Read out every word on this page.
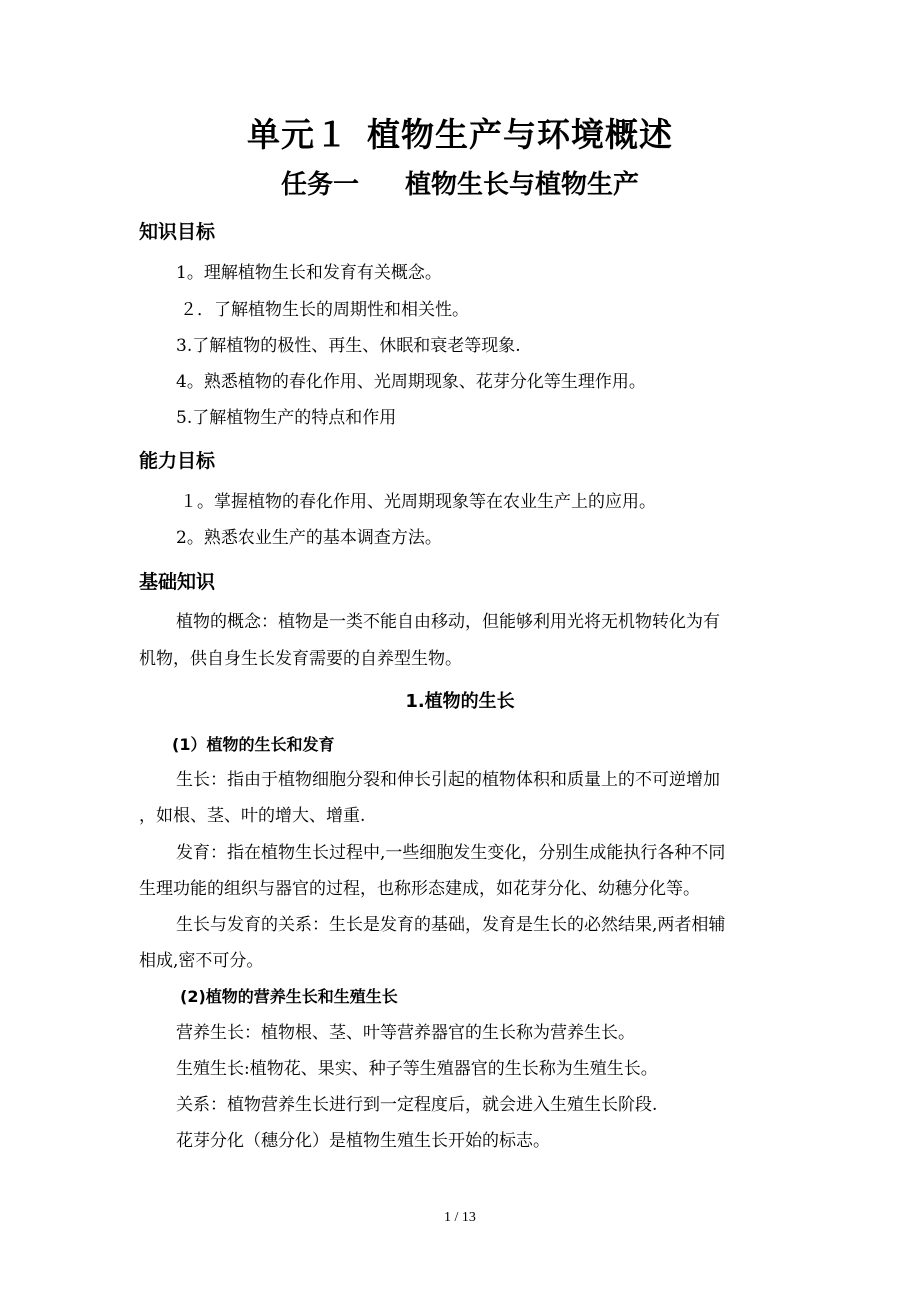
单元１ 植物生产与环境概述
任务一 植物生长与植物生产
知识目标
1。理解植物生长和发育有关概念。
２．了解植物生长的周期性和相关性。
3.了解植物的极性、再生、休眠和衰老等现象.
4。熟悉植物的春化作用、光周期现象、花芽分化等生理作用。
5.了解植物生产的特点和作用
能力目标
１。掌握植物的春化作用、光周期现象等在农业生产上的应用。
2。熟悉农业生产的基本调查方法。
基础知识
植物的概念：植物是一类不能自由移动，但能够利用光将无机物转化为有
机物，供自身生长发育需要的自养型生物。
1.植物的生长
(1）植物的生长和发育
生长：指由于植物细胞分裂和伸长引起的植物体积和质量上的不可逆增加
，如根、茎、叶的增大、增重.
发育：指在植物生长过程中,一些细胞发生变化，分别生成能执行各种不同
生理功能的组织与器官的过程，也称形态建成，如花芽分化、幼穗分化等。
生长与发育的关系：生长是发育的基础，发育是生长的必然结果,两者相辅
相成,密不可分。
(2)植物的营养生长和生殖生长
营养生长：植物根、茎、叶等营养器官的生长称为营养生长。
生殖生长:植物花、果实、种子等生殖器官的生长称为生殖生长。
关系：植物营养生长进行到一定程度后，就会进入生殖生长阶段.
花芽分化（穗分化）是植物生殖生长开始的标志。
1 / 13
